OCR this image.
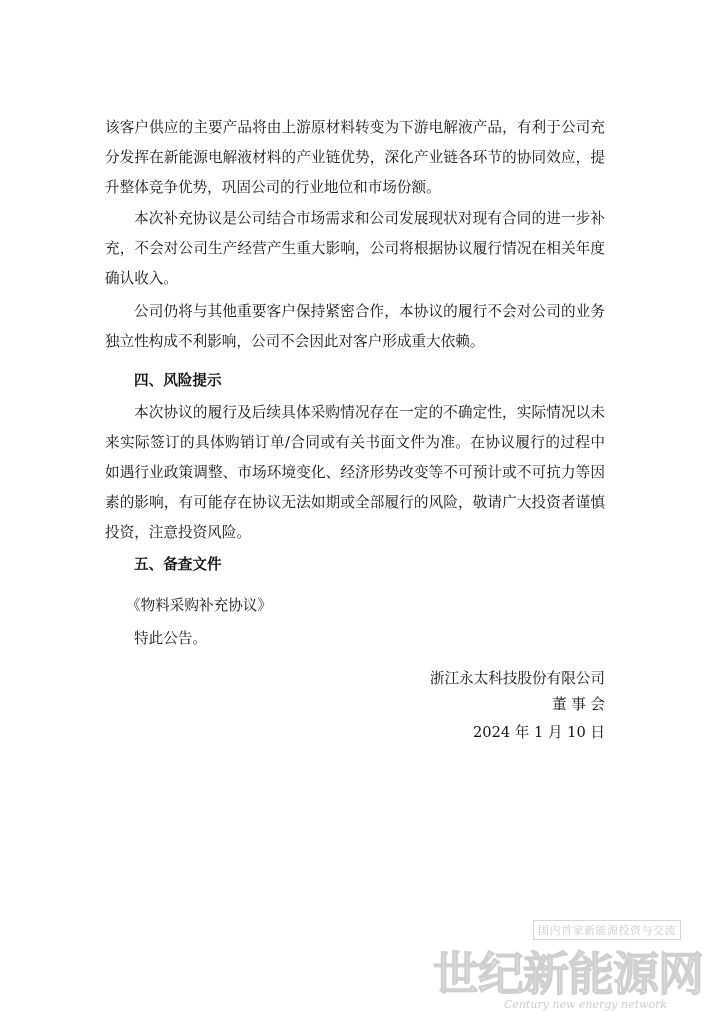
该客户供应的主要产品将由上游原材料转变为下游电解液产品，有利于公司充分发挥在新能源电解液材料的产业链优势，深化产业链各环节的协同效应，提升整体竞争优势，巩固公司的行业地位和市场份额。

本次补充协议是公司结合市场需求和公司发展现状对现有合同的进一步补充，不会对公司生产经营产生重大影响，公司将根据协议履行情况在相关年度确认收入。

公司仍将与其他重要客户保持紧密合作，本协议的履行不会对公司的业务独立性构成不利影响，公司不会因此对客户形成重大依赖。

四、风险提示

本次协议的履行及后续具体采购情况存在一定的不确定性，实际情况以未来实际签订的具体购销订单/合同或有关书面文件为准。在协议履行的过程中如遇行业政策调整、市场环境变化、经济形势改变等不可预计或不可抗力等因素的影响，有可能存在协议无法如期或全部履行的风险，敬请广大投资者谨慎投资，注意投资风险。

五、备查文件

《物料采购补充协议》

特此公告。

浙江永太科技股份有限公司
董 事 会
2024 年 1 月 10 日
国内首家新能源投资与交流
世纪新能源网
Century new energy network
